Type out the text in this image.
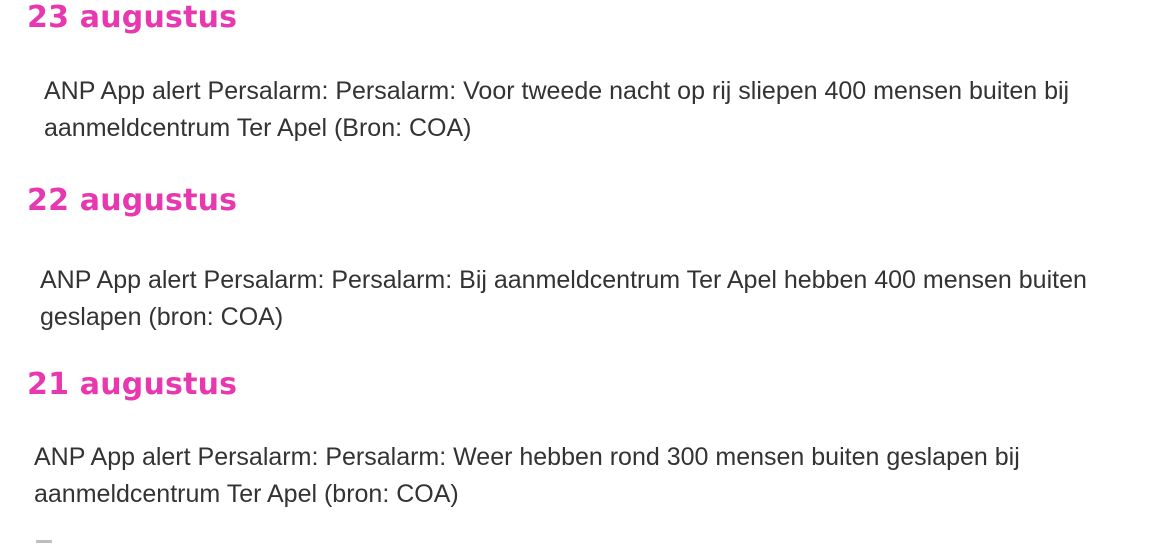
23 augustus

ANP App alert Persalarm: Persalarm: Voor tweede nacht op rij sliepen 400 mensen buiten bij aanmeldcentrum Ter Apel (Bron: COA)

22 augustus

ANP App alert Persalarm: Persalarm: Bij aanmeldcentrum Ter Apel hebben 400 mensen buiten geslapen (bron: COA)

21 augustus

ANP App alert Persalarm: Persalarm: Weer hebben rond 300 mensen buiten geslapen bij aanmeldcentrum Ter Apel (bron: COA)
